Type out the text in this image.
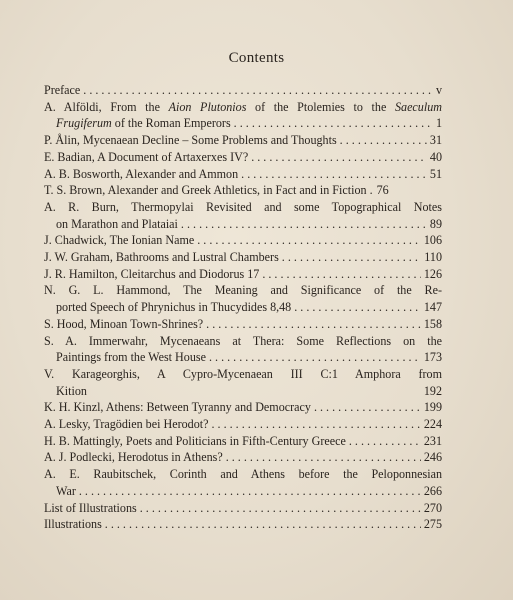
Contents
Preface . . .	v
A. Alföldi, From the Aion Plutonios of the Ptolemies to the Saeculum
Frugiferum of the Roman Emperors . . .	1
P. Ålin, Mycenaean Decline – Some Problems and Thoughts . . .	31
E. Badian, A Document of Artaxerxes IV? . . .	40
A. B. Bosworth, Alexander and Ammon . . .	51
T. S. Brown, Alexander and Greek Athletics, in Fact and in Fiction . . . 76
A. R. Burn, Thermopylai Revisited and some Topographical Notes
on Marathon and Plataiai . . .	89
J. Chadwick, The Ionian Name . . .	106
J. W. Graham, Bathrooms and Lustral Chambers . . .	110
J. R. Hamilton, Cleitarchus and Diodorus 17 . . .	126
N. G. L. Hammond, The Meaning and Significance of the Re-
ported Speech of Phrynichus in Thucydides 8,48 . . .	147
S. Hood, Minoan Town-Shrines? . . .	158
S. A. Immerwahr, Mycenaeans at Thera: Some Reflections on the
Paintings from the West House . . .	173
V. Karageorghis, A Cypro-Mycenaean III C:1 Amphora from
Kition	192
K. H. Kinzl, Athens: Between Tyranny and Democracy . . .	199
A. Lesky, Tragödien bei Herodot? . . .	224
H. B. Mattingly, Poets and Politicians in Fifth-Century Greece . . .	231
A. J. Podlecki, Herodotus in Athens? . . .	246
A. E. Raubitschek, Corinth and Athens before the Peloponnesian
War . . .	266
List of Illustrations . . .	270
Illustrations . . .	275
